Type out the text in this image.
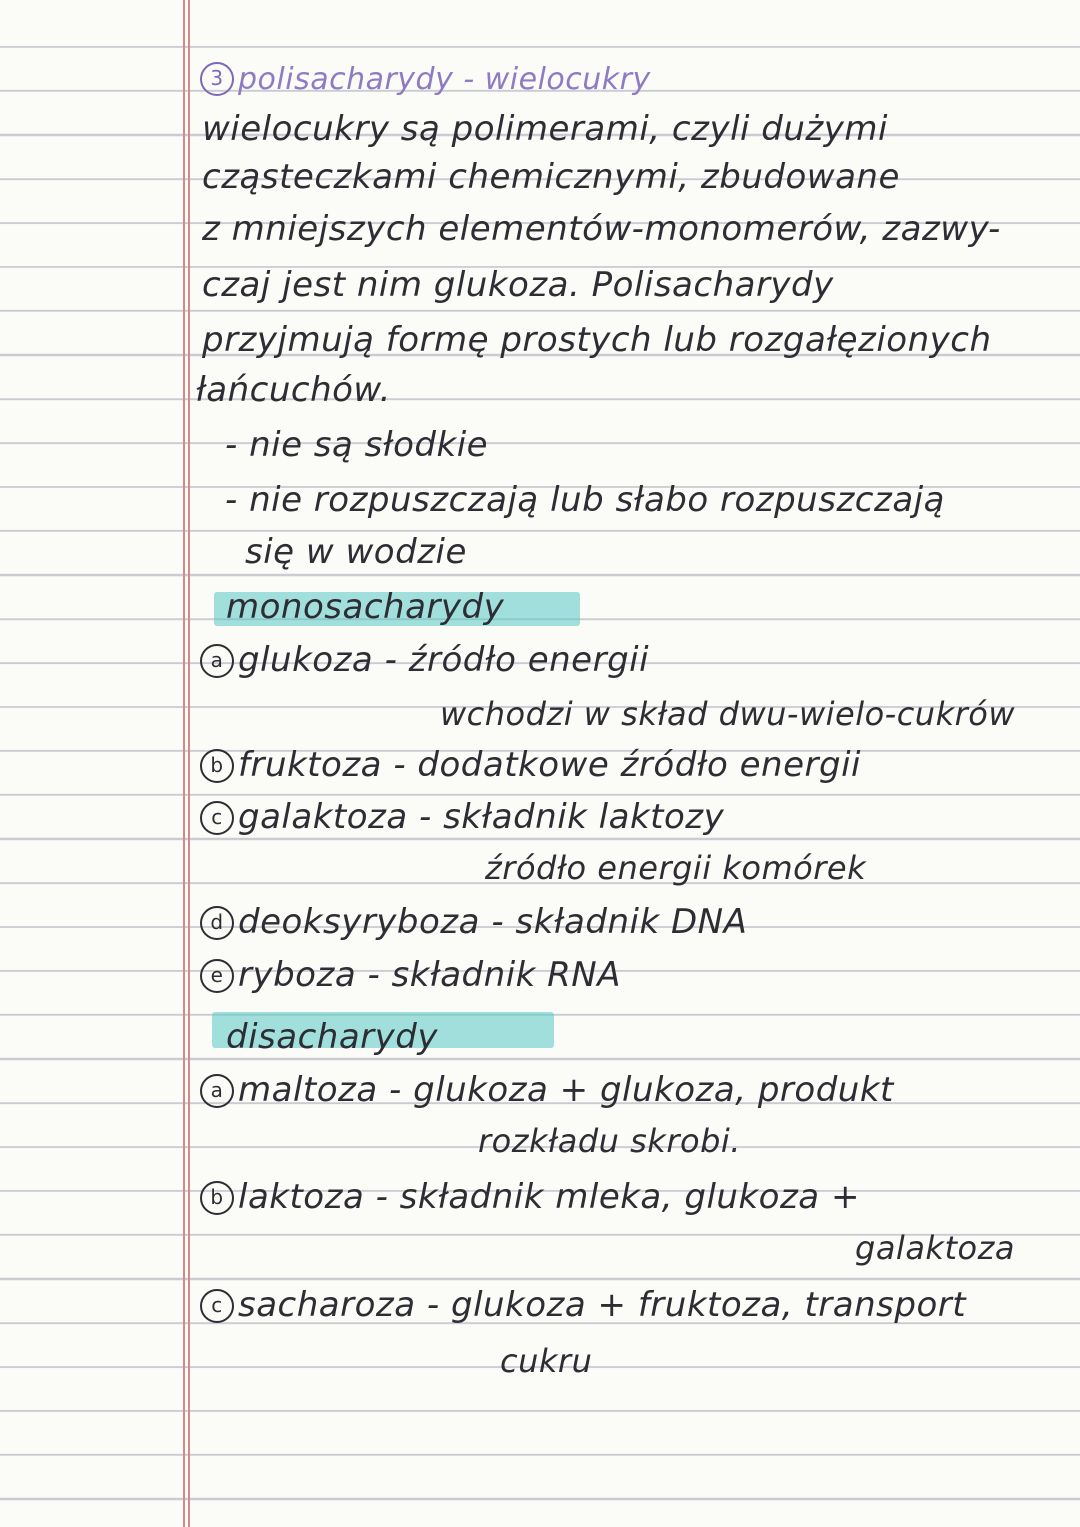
3 polisacharydy - wielocukry
wielocukry są polimerami, czyli dużymi
cząsteczkami chemicznymi, zbudowane
z mniejszych elementów-monomerów, zazwy-
czaj jest nim glukoza. Polisacharydy
przyjmują formę prostych lub rozgałęzionych
łańcuchów.
- nie są słodkie
- nie rozpuszczają lub słabo rozpuszczają
się w wodzie
monosacharydy
a glukoza - źródło energii
wchodzi w skład dwu-wielo-cukrów
b fruktoza - dodatkowe źródło energii
c galaktoza - składnik laktozy
źródło energii komórek
d deoksyryboza - składnik DNA
e ryboza - składnik RNA
disacharydy
a maltoza - glukoza + glukoza, produkt
rozkładu skrobi.
b laktoza - składnik mleka, glukoza +
galaktoza
c sacharoza - glukoza + fruktoza, transport
cukru
